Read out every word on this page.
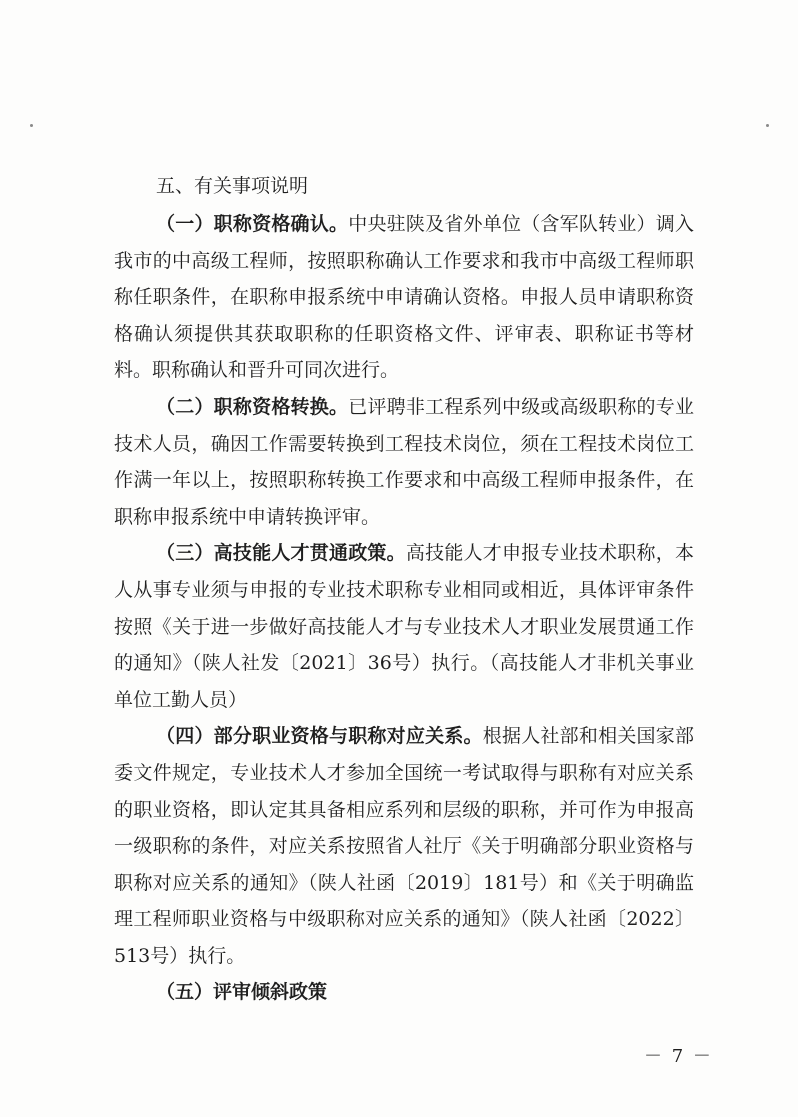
五、有关事项说明

（一）职称资格确认。中央驻陕及省外单位（含军队转业）调入我市的中高级工程师，按照职称确认工作要求和我市中高级工程师职称任职条件，在职称申报系统中申请确认资格。申报人员申请职称资格确认须提供其获取职称的任职资格文件、评审表、职称证书等材料。职称确认和晋升可同次进行。

（二）职称资格转换。已评聘非工程系列中级或高级职称的专业技术人员，确因工作需要转换到工程技术岗位，须在工程技术岗位工作满一年以上，按照职称转换工作要求和中高级工程师申报条件，在职称申报系统中申请转换评审。

（三）高技能人才贯通政策。高技能人才申报专业技术职称，本人从事专业须与申报的专业技术职称专业相同或相近，具体评审条件按照《关于进一步做好高技能人才与专业技术人才职业发展贯通工作的通知》（陕人社发〔2021〕36号）执行。（高技能人才非机关事业单位工勤人员）

（四）部分职业资格与职称对应关系。根据人社部和相关国家部委文件规定，专业技术人才参加全国统一考试取得与职称有对应关系的职业资格，即认定其具备相应系列和层级的职称，并可作为申报高一级职称的条件，对应关系按照省人社厅《关于明确部分职业资格与职称对应关系的通知》（陕人社函〔2019〕181号）和《关于明确监理工程师职业资格与中级职称对应关系的通知》（陕人社函〔2022〕513号）执行。

（五）评审倾斜政策

－ 7 －
